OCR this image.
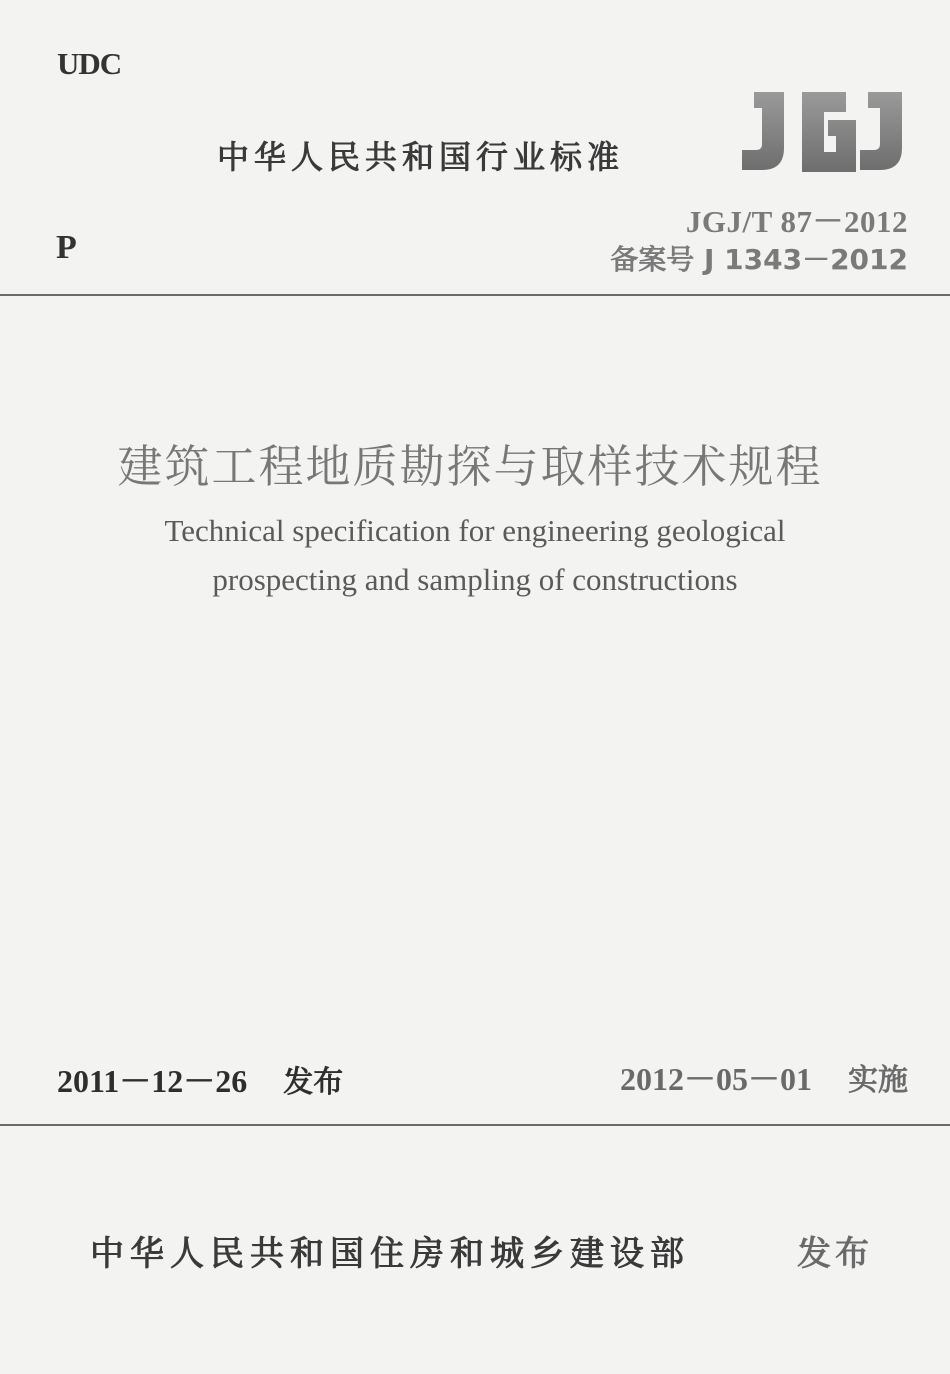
UDC
中华人民共和国行业标准
JGJ/T 87－2012
备案号 J 1343－2012
P
建筑工程地质勘探与取样技术规程
Technical specification for engineering geological
prospecting and sampling of constructions
2011－12－26 发布	2012－05－01 实施
中华人民共和国住房和城乡建设部	发布
